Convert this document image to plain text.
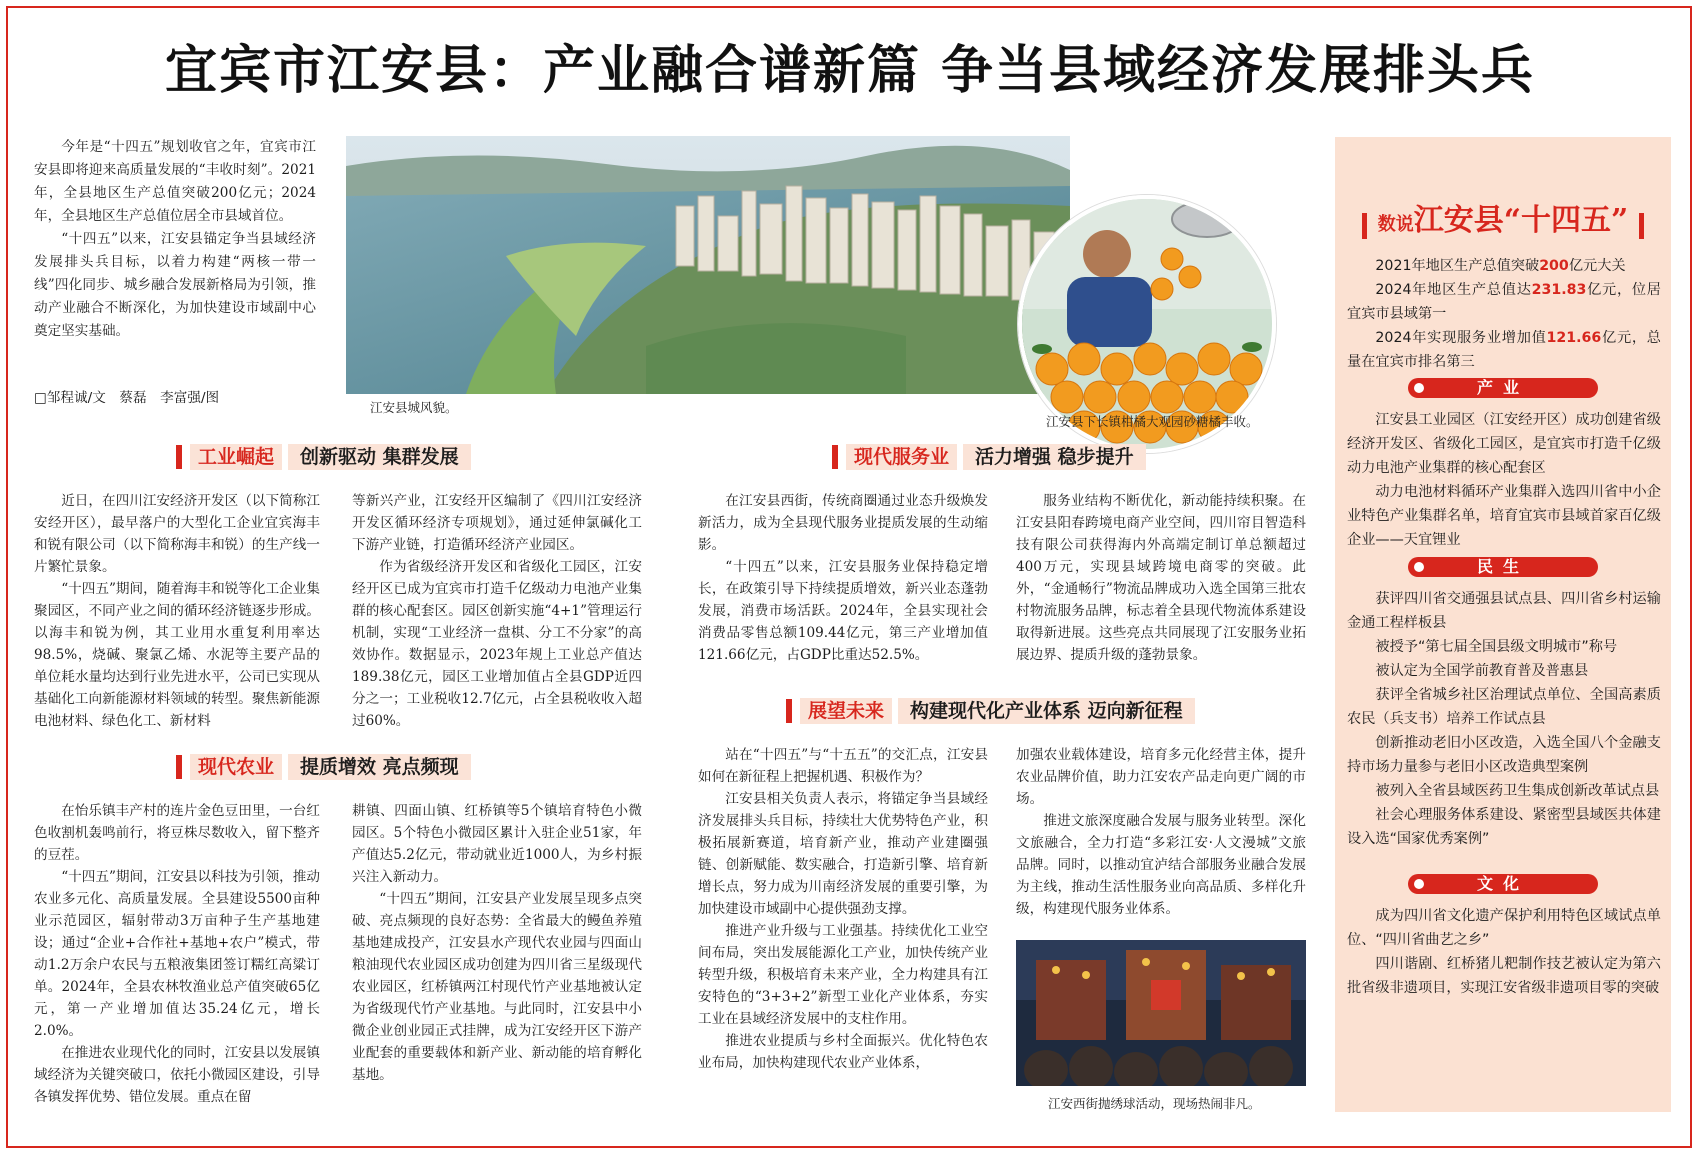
宜宾市江安县：产业融合谱新篇 争当县域经济发展排头兵

今年是“十四五”规划收官之年，宜宾市江安县即将迎来高质量发展的“丰收时刻”。2021年，全县地区生产总值突破200亿元；2024年，全县地区生产总值位居全市县域首位。

“十四五”以来，江安县锚定争当县域经济发展排头兵目标，以着力构建“两核一带一线”四化同步、城乡融合发展新格局为引领，推动产业融合不断深化，为加快建设市域副中心奠定坚实基础。

□邹程诚/文　蔡磊　李富强/图
江安县城风貌。
江安县下长镇柑橘大观园砂糖橘丰收。
工业崛起	创新驱动 集群发展

近日，在四川江安经济开发区（以下简称江安经开区），最早落户的大型化工企业宜宾海丰和锐有限公司（以下简称海丰和锐）的生产线一片繁忙景象。

“十四五”期间，随着海丰和锐等化工企业集聚园区，不同产业之间的循环经济链逐步形成。以海丰和锐为例，其工业用水重复利用率达98.5%，烧碱、聚氯乙烯、水泥等主要产品的单位耗水量均达到行业先进水平，公司已实现从基础化工向新能源材料领域的转型。聚焦新能源电池材料、绿色化工、新材料

等新兴产业，江安经开区编制了《四川江安经济开发区循环经济专项规划》，通过延伸氯碱化工下游产业链，打造循环经济产业园区。

作为省级经济开发区和省级化工园区，江安经开区已成为宜宾市打造千亿级动力电池产业集群的核心配套区。园区创新实施“4+1”管理运行机制，实现“工业经济一盘棋、分工不分家”的高效协作。数据显示，2023年规上工业总产值达189.38亿元，园区工业增加值占全县GDP近四分之一；工业税收12.7亿元，占全县税收收入超过60%。

现代农业	提质增效 亮点频现

在怡乐镇丰产村的连片金色豆田里，一台红色收割机轰鸣前行，将豆株尽数收入，留下整齐的豆茬。

“十四五”期间，江安县以科技为引领，推动农业多元化、高质量发展。全县建设5500亩种业示范园区，辐射带动3万亩种子生产基地建设；通过“企业+合作社+基地+农户”模式，带动1.2万余户农民与五粮液集团签订糯红高粱订单。2024年，全县农林牧渔业总产值突破65亿元，第一产业增加值达35.24亿元，增长2.0%。

在推进农业现代化的同时，江安县以发展镇域经济为关键突破口，依托小微园区建设，引导各镇发挥优势、错位发展。重点在留

耕镇、四面山镇、红桥镇等5个镇培育特色小微园区。5个特色小微园区累计入驻企业51家，年产值达5.2亿元，带动就业近1000人，为乡村振兴注入新动力。

“十四五”期间，江安县产业发展呈现多点突破、亮点频现的良好态势：全省最大的鳗鱼养殖基地建成投产，江安县水产现代农业园与四面山粮油现代农业园区成功创建为四川省三星级现代农业园区，红桥镇两江村现代竹产业基地被认定为省级现代竹产业基地。与此同时，江安县中小微企业创业园正式挂牌，成为江安经开区下游产业配套的重要载体和新产业、新动能的培育孵化基地。

现代服务业	活力增强 稳步提升

在江安县西街，传统商圈通过业态升级焕发新活力，成为全县现代服务业提质发展的生动缩影。

“十四五”以来，江安县服务业保持稳定增长，在政策引导下持续提质增效，新兴业态蓬勃发展，消费市场活跃。2024年，全县实现社会消费品零售总额109.44亿元，第三产业增加值121.66亿元，占GDP比重达52.5%。

服务业结构不断优化，新动能持续积聚。在江安县阳春跨境电商产业空间，四川帘目智造科技有限公司获得海内外高端定制订单总额超过400万元，实现县域跨境电商零的突破。此外，“金通畅行”物流品牌成功入选全国第三批农村物流服务品牌，标志着全县现代物流体系建设取得新进展。这些亮点共同展现了江安服务业拓展边界、提质升级的蓬勃景象。

展望未来	构建现代化产业体系 迈向新征程

站在“十四五”与“十五五”的交汇点，江安县如何在新征程上把握机遇、积极作为？

江安县相关负责人表示，将锚定争当县域经济发展排头兵目标，持续壮大优势特色产业，积极拓展新赛道，培育新产业，推动产业建圈强链、创新赋能、数实融合，打造新引擎、培育新增长点，努力成为川南经济发展的重要引擎，为加快建设市域副中心提供强劲支撑。

推进产业升级与工业强基。持续优化工业空间布局，突出发展能源化工产业，加快传统产业转型升级，积极培育未来产业，全力构建具有江安特色的“3+3+2”新型工业化产业体系，夯实工业在县域经济发展中的支柱作用。

推进农业提质与乡村全面振兴。优化特色农业布局，加快构建现代农业产业体系，

加强农业载体建设，培育多元化经营主体，提升农业品牌价值，助力江安农产品走向更广阔的市场。

推进文旅深度融合发展与服务业转型。深化文旅融合，全力打造“多彩江安·人文漫城”文旅品牌。同时，以推动宜泸结合部服务业融合发展为主线，推动生活性服务业向高品质、多样化升级，构建现代服务业体系。

江安西街抛绣球活动，现场热闹非凡。
数说江安县“十四五”

2021年地区生产总值突破200亿元大关

2024年地区生产总值达231.83亿元，位居宜宾市县域第一

2024年实现服务业增加值121.66亿元，总量在宜宾市排名第三

产业

江安县工业园区（江安经开区）成功创建省级经济开发区、省级化工园区，是宜宾市打造千亿级动力电池产业集群的核心配套区

动力电池材料循环产业集群入选四川省中小企业特色产业集群名单，培育宜宾市县域首家百亿级企业——天宜锂业

民生

获评四川省交通强县试点县、四川省乡村运输金通工程样板县

被授予“第七届全国县级文明城市”称号

被认定为全国学前教育普及普惠县

获评全省城乡社区治理试点单位、全国高素质农民（兵支书）培养工作试点县

创新推动老旧小区改造，入选全国八个金融支持市场力量参与老旧小区改造典型案例

被列入全省县域医药卫生集成创新改革试点县

社会心理服务体系建设、紧密型县域医共体建设入选“国家优秀案例”

文化

成为四川省文化遗产保护利用特色区域试点单位、“四川省曲艺之乡”

四川谐剧、红桥猪儿粑制作技艺被认定为第六批省级非遗项目，实现江安省级非遗项目零的突破
